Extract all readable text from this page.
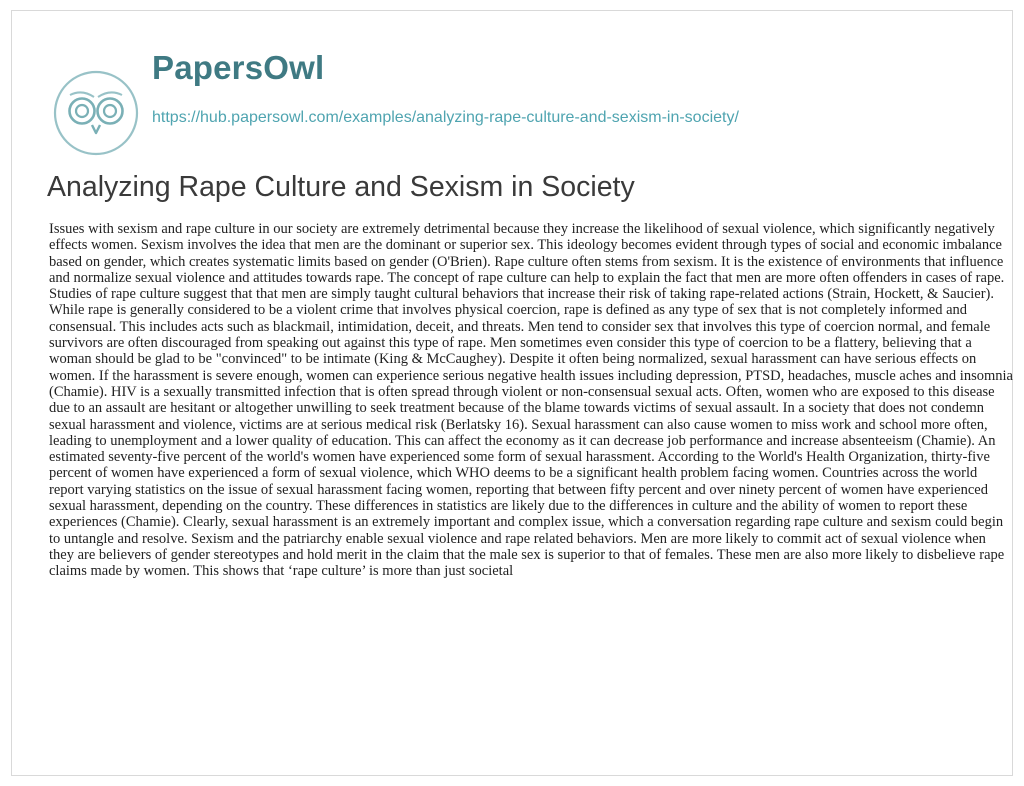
PapersOwl
https://hub.papersowl.com/examples/analyzing-rape-culture-and-sexism-in-society/
Analyzing Rape Culture and Sexism in Society

Issues with sexism and rape culture in our society are extremely detrimental because they increase the likelihood of sexual violence, which significantly negatively effects women. Sexism involves the idea that men are the dominant or superior sex. This ideology becomes evident through types of social and economic imbalance based on gender, which creates systematic limits based on gender (O'Brien). Rape culture often stems from sexism. It is the existence of environments that influence and normalize sexual violence and attitudes towards rape. The concept of rape culture can help to explain the fact that men are more often offenders in cases of rape. Studies of rape culture suggest that that men are simply taught cultural behaviors that increase their risk of taking rape-related actions (Strain, Hockett, & Saucier). While rape is generally considered to be a violent crime that involves physical coercion, rape is defined as any type of sex that is not completely informed and consensual. This includes acts such as blackmail, intimidation, deceit, and threats. Men tend to consider sex that involves this type of coercion normal, and female survivors are often discouraged from speaking out against this type of rape. Men sometimes even consider this type of coercion to be a flattery, believing that a woman should be glad to be "convinced" to be intimate (King & McCaughey). Despite it often being normalized, sexual harassment can have serious effects on women. If the harassment is severe enough, women can experience serious negative health issues including depression, PTSD, headaches, muscle aches and insomnia (Chamie). HIV is a sexually transmitted infection that is often spread through violent or non-consensual sexual acts. Often, women who are exposed to this disease due to an assault are hesitant or altogether unwilling to seek treatment because of the blame towards victims of sexual assault. In a society that does not condemn sexual harassment and violence, victims are at serious medical risk (Berlatsky 16). Sexual harassment can also cause women to miss work and school more often, leading to unemployment and a lower quality of education. This can affect the economy as it can decrease job performance and increase absenteeism (Chamie). An estimated seventy-five percent of the world's women have experienced some form of sexual harassment. According to the World's Health Organization, thirty-five percent of women have experienced a form of sexual violence, which WHO deems to be a significant health problem facing women. Countries across the world report varying statistics on the issue of sexual harassment facing women, reporting that between fifty percent and over ninety percent of women have experienced sexual harassment, depending on the country. These differences in statistics are likely due to the differences in culture and the ability of women to report these experiences (Chamie). Clearly, sexual harassment is an extremely important and complex issue, which a conversation regarding rape culture and sexism could begin to untangle and resolve. Sexism and the patriarchy enable sexual violence and rape related behaviors. Men are more likely to commit act of sexual violence when they are believers of gender stereotypes and hold merit in the claim that the male sex is superior to that of females. These men are also more likely to disbelieve rape claims made by women. This shows that ‘rape culture’ is more than just societal
